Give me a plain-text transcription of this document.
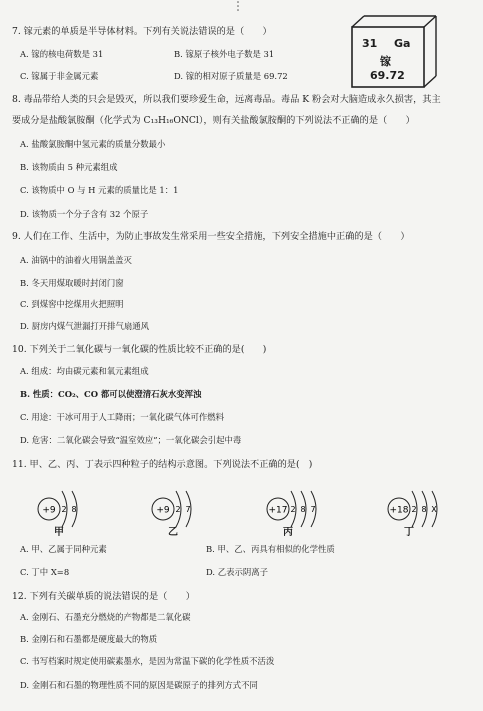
7. 镓元素的单质是半导体材料。下列有关说法错误的是（　　）
A. 镓的核电荷数是 31	B. 镓原子核外电子数是 31
C. 镓属于非金属元素	D. 镓的相对原子质量是 69.72
31 Ga
镓
69.72
8. 毒品带给人类的只会是毁灭，所以我们要珍爱生命，远离毒品。毒品 K 粉会对大脑造成永久损害，其主
要成分是盐酸氯胺酮（化学式为 C₁₃H₁₆ONCl），则有关盐酸氯胺酮的下列说法不正确的是（　　）
A. 盐酸氯胺酮中氢元素的质量分数最小
B. 该物质由 5 种元素组成
C. 该物质中 O 与 H 元素的质量比是 1：1
D. 该物质一个分子含有 32 个原子
9. 人们在工作、生活中，为防止事故发生常采用一些安全措施，下列安全措施中正确的是（　　）
A. 油锅中的油着火用锅盖盖灭
B. 冬天用煤取暖时封闭门窗
C. 到煤窖中挖煤用火把照明
D. 厨房内煤气泄漏打开排气扇通风
10. 下列关于二氧化碳与一氧化碳的性质比较不正确的是(　　)
A. 组成：均由碳元素和氧元素组成
B. 性质：CO₂、CO 都可以使澄清石灰水变浑浊
C. 用途：干冰可用于人工降雨；一氧化碳气体可作燃料
D. 危害：二氧化碳会导致“温室效应”；一氧化碳会引起中毒
11. 甲、乙、丙、丁表示四种粒子的结构示意图。下列说法不正确的是(　)
+9 2 8	+9 2 7	+17 2 8 7	+18 2 8 X
甲	乙	丙	丁
A. 甲、乙属于同种元素	B. 甲、乙、丙具有相似的化学性质
C. 丁中 X=8	D. 乙表示阴离子
12. 下列有关碳单质的说法错误的是（　　）
A. 金刚石、石墨充分燃烧的产物都是二氧化碳
B. 金刚石和石墨都是硬度最大的物质
C. 书写档案时规定使用碳素墨水，是因为常温下碳的化学性质不活泼
D. 金刚石和石墨的物理性质不同的原因是碳原子的排列方式不同
